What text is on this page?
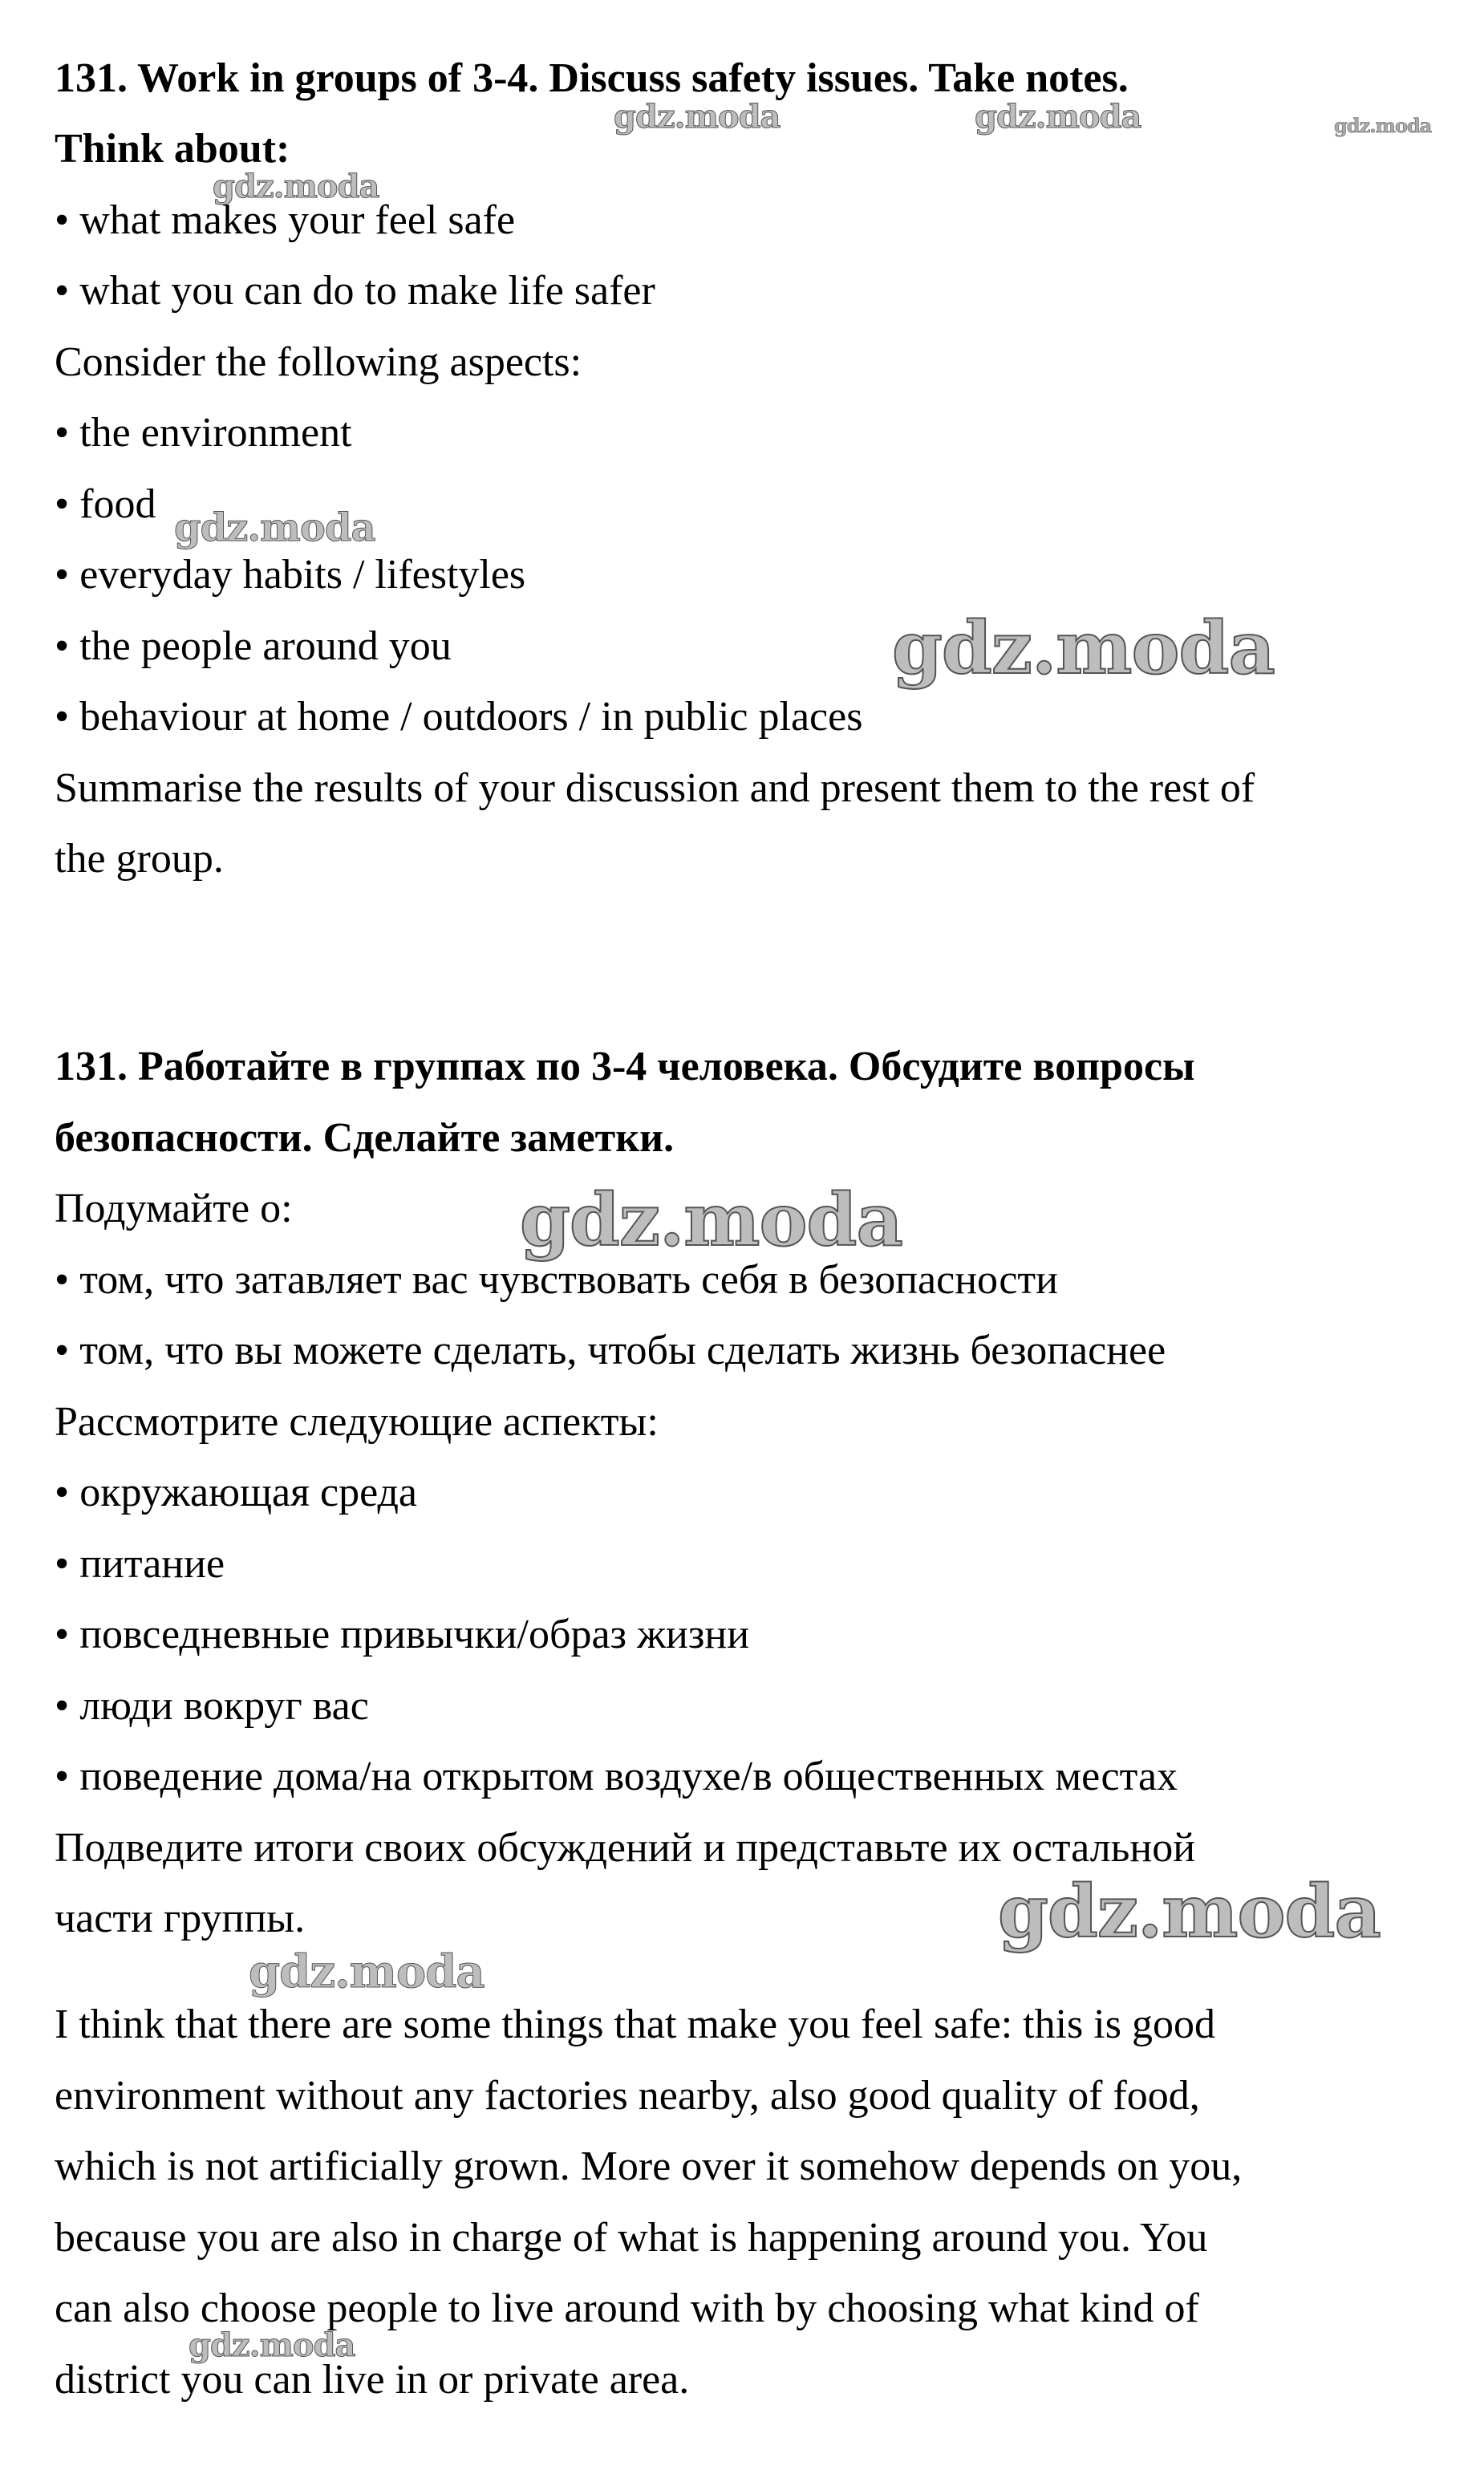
131. Work in groups of 3-4. Discuss safety issues. Take notes.
Think about:
• what makes your feel safe
• what you can do to make life safer
Consider the following aspects:
• the environment
• food
• everyday habits / lifestyles
• the people around you
• behaviour at home / outdoors / in public places
Summarise the results of your discussion and present them to the rest of
the group.
131. Работайте в группах по 3-4 человека. Обсудите вопросы
безопасности. Сделайте заметки.
Подумайте о:
• том, что затавляет вас чувствовать себя в безопасности
• том, что вы можете сделать, чтобы сделать жизнь безопаснее
Рассмотрите следующие аспекты:
• окружающая среда
• питание
• повседневные привычки/образ жизни
• люди вокруг вас
• поведение дома/на открытом воздухе/в общественных местах
Подведите итоги своих обсуждений и представьте их остальной
части группы.
I think that there are some things that make you feel safe: this is good
environment without any factories nearby, also good quality of food,
which is not artificially grown. More over it somehow depends on you,
because you are also in charge of what is happening around you. You
can also choose people to live around with by choosing what kind of
district you can live in or private area.
gdz.moda	gdz.moda	gdz.moda
gdz.moda
gdz.moda
gdz.moda
gdz.moda
gdz.moda
gdz.moda
gdz.moda
